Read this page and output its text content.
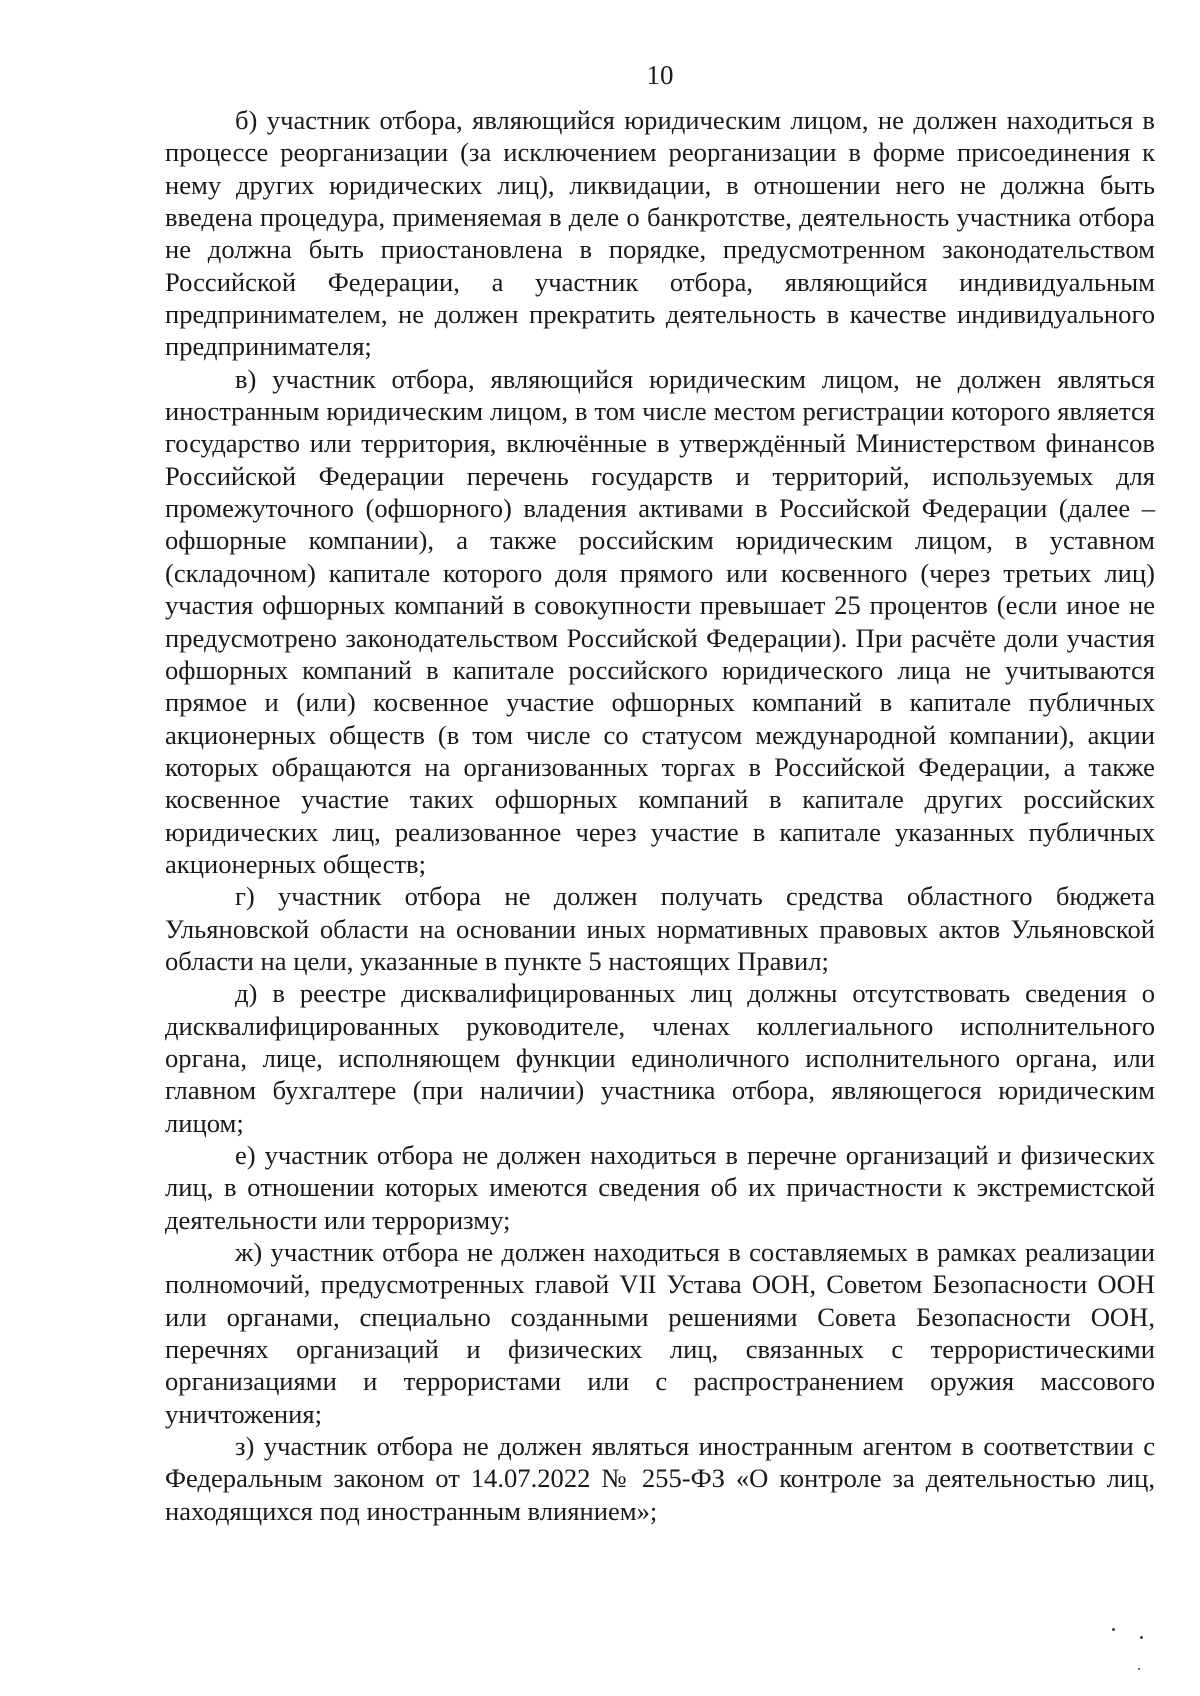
10

б) участник отбора, являющийся юридическим лицом, не должен находиться в процессе реорганизации (за исключением реорганизации в форме присоединения к нему других юридических лиц), ликвидации, в отношении него не должна быть введена процедура, применяемая в деле о банкротстве, деятельность участника отбора не должна быть приостановлена в порядке, предусмотренном законодательством Российской Федерации, а участник отбора, являющийся индивидуальным предпринимателем, не должен прекратить деятельность в качестве индивидуального предпринимателя;

в) участник отбора, являющийся юридическим лицом, не должен являться иностранным юридическим лицом, в том числе местом регистрации которого является государство или территория, включённые в утверждённый Министерством финансов Российской Федерации перечень государств и территорий, используемых для промежуточного (офшорного) владения активами в Российской Федерации (далее – офшорные компании), а также российским юридическим лицом, в уставном (складочном) капитале которого доля прямого или косвенного (через третьих лиц) участия офшорных компаний в совокупности превышает 25 процентов (если иное не предусмотрено законодательством Российской Федерации). При расчёте доли участия офшорных компаний в капитале российского юридического лица не учитываются прямое и (или) косвенное участие офшорных компаний в капитале публичных акционерных обществ (в том числе со статусом международной компании), акции которых обращаются на организованных торгах в Российской Федерации, а также косвенное участие таких офшорных компаний в капитале других российских юридических лиц, реализованное через участие в капитале указанных публичных акционерных обществ;

г) участник отбора не должен получать средства областного бюджета Ульяновской области на основании иных нормативных правовых актов Ульяновской области на цели, указанные в пункте 5 настоящих Правил;

д) в реестре дисквалифицированных лиц должны отсутствовать сведения о дисквалифицированных руководителе, членах коллегиального исполнительного органа, лице, исполняющем функции единоличного исполнительного органа, или главном бухгалтере (при наличии) участника отбора, являющегося юридическим лицом;

е) участник отбора не должен находиться в перечне организаций и физических лиц, в отношении которых имеются сведения об их причастности к экстремистской деятельности или терроризму;

ж) участник отбора не должен находиться в составляемых в рамках реализации полномочий, предусмотренных главой VII Устава ООН, Советом Безопасности ООН или органами, специально созданными решениями Совета Безопасности ООН, перечнях организаций и физических лиц, связанных с террористическими организациями и террористами или с распространением оружия массового уничтожения;

з) участник отбора не должен являться иностранным агентом в соответствии с Федеральным законом от 14.07.2022 № 255-ФЗ «О контроле за деятельностью лиц, находящихся под иностранным влиянием»;
